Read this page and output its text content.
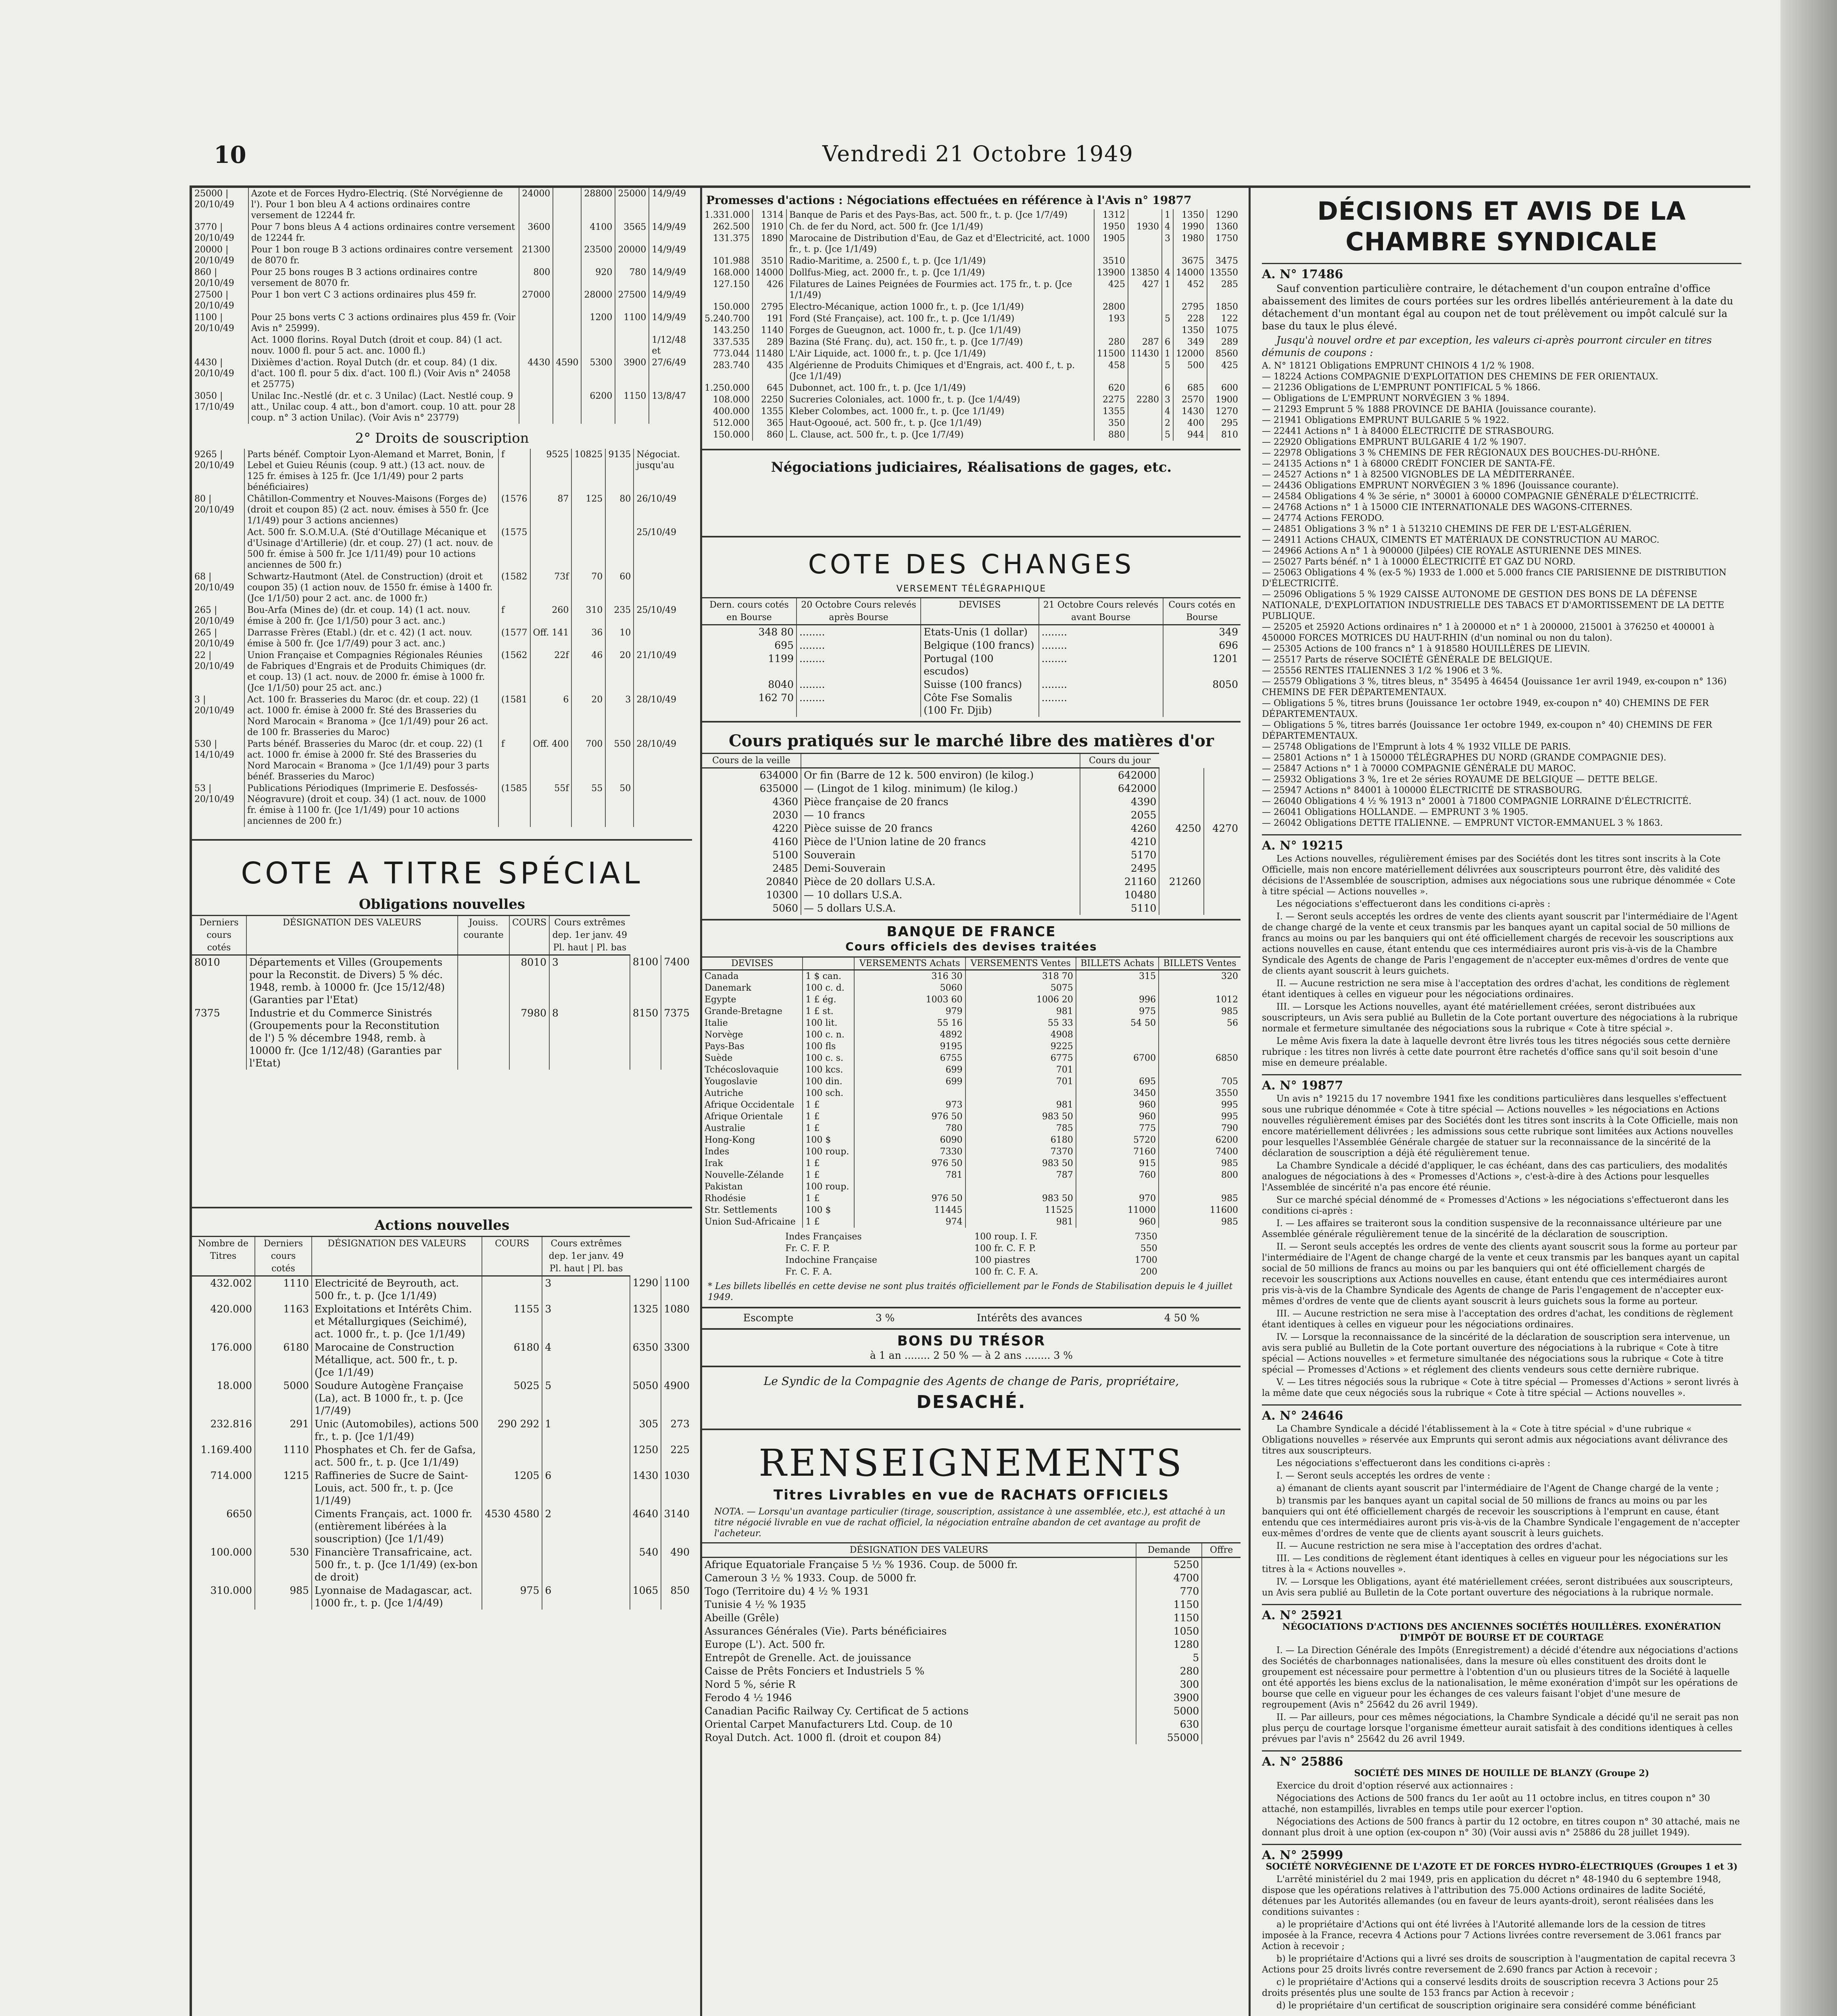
10	Vendredi 21 Octobre 1949
25000 | 20/10/49	Azote et de Forces Hydro-Electriq. (Sté Norvégienne de l'). Pour 1 bon bleu A 4 actions ordinaires contre versement de 12244 fr.	24000		28800	25000	14/9/49
3770 | 20/10/49	Pour 7 bons bleus A 4 actions ordinaires contre versement de 12244 fr.	3600		4100	3565	14/9/49
20000 | 20/10/49	Pour 1 bon rouge B 3 actions ordinaires contre versement de 8070 fr.	21300		23500	20000	14/9/49
860 | 20/10/49	Pour 25 bons rouges B 3 actions ordinaires contre versement de 8070 fr.	800		920	780	14/9/49
27500 | 20/10/49	Pour 1 bon vert C 3 actions ordinaires plus 459 fr.	27000		28000	27500	14/9/49
1100 | 20/10/49	Pour 25 bons verts C 3 actions ordinaires plus 459 fr. (Voir Avis n° 25999).			1200	1100	14/9/49
	Act. 1000 florins. Royal Dutch (droit et coup. 84) (1 act. nouv. 1000 fl. pour 5 act. anc. 1000 fl.)					1/12/48 et
4430 | 20/10/49	Dixièmes d'action. Royal Dutch (dr. et coup. 84) (1 dix. d'act. 100 fl. pour 5 dix. d'act. 100 fl.) (Voir Avis n° 24058 et 25775)	4430	4590	5300	3900	27/6/49
3050 | 17/10/49	Unilac Inc.-Nestlé (dr. et c. 3 Unilac) (Lact. Nestlé coup. 9 att., Unilac coup. 4 att., bon d'amort. coup. 10 att. pour 28 coup. n° 3 action Unilac). (Voir Avis n° 23779)			6200	1150	13/8/47
2° Droits de souscription
9265 | 20/10/49	Parts bénéf. Comptoir Lyon-Alemand et Marret, Bonin, Lebel et Guieu Réunis (coup. 9 att.) (13 act. nouv. de 125 fr. émises à 125 fr. (Jce 1/1/49) pour 2 parts bénéficiaires)	f	9525	10825	9135	Négociat. jusqu'au
80 | 20/10/49	Châtillon-Commentry et Nouves-Maisons (Forges de) (droit et coupon 85) (2 act. nouv. émises à 550 fr. (Jce 1/1/49) pour 3 actions anciennes)	(1576	87	125	80	26/10/49
	Act. 500 fr. S.O.M.U.A. (Sté d'Outillage Mécanique et d'Usinage d'Artillerie) (dr. et coup. 27) (1 act. nouv. de 500 fr. émise à 500 fr. Jce 1/11/49) pour 10 actions anciennes de 500 fr.)	(1575				25/10/49
68 | 20/10/49	Schwartz-Hautmont (Atel. de Construction) (droit et coupon 35) (1 action nouv. de 1550 fr. émise à 1400 fr. (Jce 1/1/50) pour 2 act. anc. de 1000 fr.)	(1582	73f	70	60	
265 | 20/10/49	Bou-Arfa (Mines de) (dr. et coup. 14) (1 act. nouv. émise à 200 fr. (Jce 1/1/50) pour 3 act. anc.)	f	260	310	235	25/10/49
265 | 20/10/49	Darrasse Frères (Etabl.) (dr. et c. 42) (1 act. nouv. émise à 500 fr. (Jce 1/7/49) pour 3 act. anc.)	(1577	Off. 141	36	10	
22 | 20/10/49	Union Française et Compagnies Régionales Réunies de Fabriques d'Engrais et de Produits Chimiques (dr. et coup. 13) (1 act. nouv. de 2000 fr. émise à 1000 fr. (Jce 1/1/50) pour 25 act. anc.)	(1562	22f	46	20	21/10/49
3 | 20/10/49	Act. 100 fr. Brasseries du Maroc (dr. et coup. 22) (1 act. 1000 fr. émise à 2000 fr. Sté des Brasseries du Nord Marocain « Branoma » (Jce 1/1/49) pour 26 act. de 100 fr. Brasseries du Maroc)	(1581	6	20	3	28/10/49
530 | 14/10/49	Parts bénéf. Brasseries du Maroc (dr. et coup. 22) (1 act. 1000 fr. émise à 2000 fr. Sté des Brasseries du Nord Marocain « Branoma » (Jce 1/1/49) pour 3 parts bénéf. Brasseries du Maroc)	f	Off. 400	700	550	28/10/49
53 | 20/10/49	Publications Périodiques (Imprimerie E. Desfossés-Néogravure) (droit et coup. 34) (1 act. nouv. de 1000 fr. émise à 1100 fr. (Jce 1/1/49) pour 10 actions anciennes de 200 fr.)	(1585	55f	55	50	
COTE A TITRE SPÉCIAL
Obligations nouvelles
Derniers cours cotés	DÉSIGNATION DES VALEURS	Jouiss. courante	COURS	Cours extrêmes dep. 1er janv. 49 Pl. haut | Pl. bas		
8010	Départements et Villes (Groupements pour la Reconstit. de Divers) 5 % déc. 1948, remb. à 10000 fr. (Jce 15/12/48) (Garanties par l'Etat)		8010	3	8100	7400
7375	Industrie et du Commerce Sinistrés (Groupements pour la Reconstitution de l') 5 % décembre 1948, remb. à 10000 fr. (Jce 1/12/48) (Garanties par l'Etat)		7980	8	8150	7375
Actions nouvelles
Nombre de Titres	Derniers cours cotés	DÉSIGNATION DES VALEURS	COURS	Cours extrêmes dep. 1er janv. 49 Pl. haut | Pl. bas		
432.002	1110	Electricité de Beyrouth, act. 500 fr., t. p. (Jce 1/1/49)		3	1290	1100
420.000	1163	Exploitations et Intérêts Chim. et Métallurgiques (Seichimé), act. 1000 fr., t. p. (Jce 1/1/49)	1155	3	1325	1080
176.000	6180	Marocaine de Construction Métallique, act. 500 fr., t. p. (Jce 1/1/49)	6180	4	6350	3300
18.000	5000	Soudure Autogène Française (La), act. B 1000 fr., t. p. (Jce 1/7/49)	5025	5	5050	4900
232.816	291	Unic (Automobiles), actions 500 fr., t. p. (Jce 1/1/49)	290 292	1	305	273
1.169.400	1110	Phosphates et Ch. fer de Gafsa, act. 500 fr., t. p. (Jce 1/1/49)			1250	225
714.000	1215	Raffineries de Sucre de Saint-Louis, act. 500 fr., t. p. (Jce 1/1/49)	1205	6	1430	1030
6650		Ciments Français, act. 1000 fr. (entièrement libérées à la souscription) (Jce 1/1/49)	4530 4580	2	4640	3140
100.000	530	Financière Transafricaine, act. 500 fr., t. p. (Jce 1/1/49) (ex-bon de droit)			540	490
310.000	985	Lyonnaise de Madagascar, act. 1000 fr., t. p. (Jce 1/4/49)	975	6	1065	850
Promesses d'actions : Négociations effectuées en référence à l'Avis n° 19877
1.331.000	1314	Banque de Paris et des Pays-Bas, act. 500 fr., t. p. (Jce 1/7/49)	1312		1	1350	1290
262.500	1910	Ch. de fer du Nord, act. 500 fr. (Jce 1/1/49)	1950	1930	4	1990	1360
131.375	1890	Marocaine de Distribution d'Eau, de Gaz et d'Electricité, act. 1000 fr., t. p. (Jce 1/1/49)	1905		3	1980	1750
101.988	3510	Radio-Maritime, a. 2500 f., t. p. (Jce 1/1/49)	3510			3675	3475
168.000	14000	Dollfus-Mieg, act. 2000 fr., t. p. (Jce 1/1/49)	13900	13850	4	14000	13550
127.150	426	Filatures de Laines Peignées de Fourmies act. 175 fr., t. p. (Jce 1/1/49)	425	427	1	452	285
150.000	2795	Electro-Mécanique, action 1000 fr., t. p. (Jce 1/1/49)	2800			2795	1850
5.240.700	191	Ford (Sté Française), act. 100 fr., t. p. (Jce 1/1/49)	193		5	228	122
143.250	1140	Forges de Gueugnon, act. 1000 fr., t. p. (Jce 1/1/49)				1350	1075
337.535	289	Bazina (Sté Franç. du), act. 150 fr., t. p. (Jce 1/7/49)	280	287	6	349	289
773.044	11480	L'Air Liquide, act. 1000 fr., t. p. (Jce 1/1/49)	11500	11430	1	12000	8560
283.740	435	Algérienne de Produits Chimiques et d'Engrais, act. 400 f., t. p. (Jce 1/1/49)	458		5	500	425
1.250.000	645	Dubonnet, act. 100 fr., t. p. (Jce 1/1/49)	620		6	685	600
108.000	2250	Sucreries Coloniales, act. 1000 fr., t. p. (Jce 1/4/49)	2275	2280	3	2570	1900
400.000	1355	Kleber Colombes, act. 1000 fr., t. p. (Jce 1/1/49)	1355		4	1430	1270
512.000	365	Haut-Ogooué, act. 500 fr., t. p. (Jce 1/1/49)	350		2	400	295
150.000	860	L. Clause, act. 500 fr., t. p. (Jce 1/7/49)	880		5	944	810
Négociations judiciaires, Réalisations de gages, etc.
COTE DES CHANGES
VERSEMENT TÉLÉGRAPHIQUE
Dern. cours cotés en Bourse	20 Octobre Cours relevés après Bourse	DEVISES	21 Octobre Cours relevés avant Bourse	Cours cotés en Bourse
348 80	........	Etats-Unis (1 dollar)	........	349
695	........	Belgique (100 francs)	........	696
1199	........	Portugal (100 escudos)	........	1201
8040	........	Suisse (100 francs)	........	8050
162 70	........	Côte Fse Somalis (100 Fr. Djib)	........	
Cours pratiqués sur le marché libre des matières d'or
Cours de la veille		Cours du jour		
634000	Or fin (Barre de 12 k. 500 environ) (le kilog.)	642000		
635000	— (Lingot de 1 kilog. minimum) (le kilog.)	642000		
4360	Pièce française de 20 francs	4390		
2030	— 10 francs	2055		
4220	Pièce suisse de 20 francs	4260	4250	4270
4160	Pièce de l'Union latine de 20 francs	4210		
5100	Souverain	5170		
2485	Demi-Souverain	2495		
20840	Pièce de 20 dollars U.S.A.	21160	21260	
10300	— 10 dollars U.S.A.	10480		
5060	— 5 dollars U.S.A.	5110		
BANQUE DE FRANCE
Cours officiels des devises traitées
DEVISES		VERSEMENTS Achats	VERSEMENTS Ventes	BILLETS Achats	BILLETS Ventes
Canada	1 $ can.	316 30	318 70	315	320
Danemark	100 c. d.	5060	5075		
Egypte	1 £ ég.	1003 60	1006 20	996	1012
Grande-Bretagne	1 £ st.	979	981	975	985
Italie	100 lit.	55 16	55 33	54 50	56
Norvège	100 c. n.	4892	4908		
Pays-Bas	100 fls	9195	9225		
Suède	100 c. s.	6755	6775	6700	6850
Tchécoslovaquie	100 kcs.	699	701		
Yougoslavie	100 din.	699	701	695	705
Autriche	100 sch.			3450	3550
Afrique Occidentale	1 £	973	981	960	995
Afrique Orientale	1 £	976 50	983 50	960	995
Australie	1 £	780	785	775	790
Hong-Kong	100 $	6090	6180	5720	6200
Indes	100 roup.	7330	7370	7160	7400
Irak	1 £	976 50	983 50	915	985
Nouvelle-Zélande	1 £	781	787	760	800
Pakistan	100 roup.				
Rhodésie	1 £	976 50	983 50	970	985
Str. Settlements	100 $	11445	11525	11000	11600
Union Sud-Africaine	1 £	974	981	960	985
Indes Françaises	100 roup. I. F.	7350
Fr. C. F. P.	100 fr. C. F. P.	550
Indochine Française	100 piastres	1700
Fr. C. F. A.	100 fr. C. F. A.	200
* Les billets libellés en cette devise ne sont plus traités officiellement par le Fonds de Stabilisation depuis le 4 juillet 1949.
Escompte	3 %	Intérêts des avances	4 50 %
BONS DU TRÉSOR
à 1 an ........ 2 50 % — à 2 ans ........ 3 %
Le Syndic de la Compagnie des Agents de change de Paris, propriétaire,
DESACHÉ.
RENSEIGNEMENTS
Titres Livrables en vue de RACHATS OFFICIELS
NOTA. — Lorsqu'un avantage particulier (tirage, souscription, assistance à une assemblée, etc.), est attaché à un titre négocié livrable en vue de rachat officiel, la négociation entraîne abandon de cet avantage au profit de l'acheteur.
DÉSIGNATION DES VALEURS	Demande	Offre
Afrique Equatoriale Française 5 ½ % 1936. Coup. de 5000 fr.	5250	
Cameroun 3 ½ % 1933. Coup. de 5000 fr.	4700	
Togo (Territoire du) 4 ½ % 1931	770	
Tunisie 4 ½ % 1935	1150	
Abeille (Grêle)	1150	
Assurances Générales (Vie). Parts bénéficiaires	1050	
Europe (L'). Act. 500 fr.	1280	
Entrepôt de Grenelle. Act. de jouissance	5	
Caisse de Prêts Fonciers et Industriels 5 %	280	
Nord 5 %, série R	300	
Ferodo 4 ½ 1946	3900	
Canadian Pacific Railway Cy. Certificat de 5 actions	5000	
Oriental Carpet Manufacturers Ltd. Coup. de 10	630	
Royal Dutch. Act. 1000 fl. (droit et coupon 84)	55000	
DÉCISIONS ET AVIS DE LA CHAMBRE SYNDICALE
A. N° 17486

Sauf convention particulière contraire, le détachement d'un coupon entraîne d'office abaissement des limites de cours portées sur les ordres libellés antérieurement à la date du détachement d'un montant égal au coupon net de tout prélèvement ou impôt calculé sur la base du taux le plus élevé.

Jusqu'à nouvel ordre et par exception, les valeurs ci-après pourront circuler en titres démunis de coupons :

A. N° 18121 Obligations EMPRUNT CHINOIS 4 1/2 % 1908.
— 18224 Actions COMPAGNIE D'EXPLOITATION DES CHEMINS DE FER ORIENTAUX.
— 21236 Obligations de L'EMPRUNT PONTIFICAL 5 % 1866.
— Obligations de L'EMPRUNT NORVÉGIEN 3 % 1894.
— 21293 Emprunt 5 % 1888 PROVINCE DE BAHIA (Jouissance courante).
— 21941 Obligations EMPRUNT BULGARIE 5 % 1922.
— 22441 Actions n° 1 à 84000 ÉLECTRICITÉ DE STRASBOURG.
— 22920 Obligations EMPRUNT BULGARIE 4 1/2 % 1907.
— 22978 Obligations 3 % CHEMINS DE FER RÉGIONAUX DES BOUCHES-DU-RHÔNE.
— 24135 Actions n° 1 à 68000 CRÉDIT FONCIER DE SANTA-FÉ.
— 24527 Actions n° 1 à 82500 VIGNOBLES DE LA MÉDITERRANÉE.
— 24436 Obligations EMPRUNT NORVÉGIEN 3 % 1896 (Jouissance courante).
— 24584 Obligations 4 % 3e série, n° 30001 à 60000 COMPAGNIE GÉNÉRALE D'ÉLECTRICITÉ.
— 24768 Actions n° 1 à 15000 CIE INTERNATIONALE DES WAGONS-CITERNES.
— 24774 Actions FERODO.
— 24851 Obligations 3 % n° 1 à 513210 CHEMINS DE FER DE L'EST-ALGÉRIEN.
— 24911 Actions CHAUX, CIMENTS ET MATÉRIAUX DE CONSTRUCTION AU MAROC.
— 24966 Actions A n° 1 à 900000 (Jilpées) CIE ROYALE ASTURIENNE DES MINES.
— 25027 Parts bénéf. n° 1 à 10000 ÉLECTRICITÉ ET GAZ DU NORD.
— 25063 Obligations 4 % (ex-5 %) 1933 de 1.000 et 5.000 francs CIE PARISIENNE DE DISTRIBUTION D'ÉLECTRICITÉ.
— 25096 Obligations 5 % 1929 CAISSE AUTONOME DE GESTION DES BONS DE LA DÉFENSE NATIONALE, D'EXPLOITATION INDUSTRIELLE DES TABACS ET D'AMORTISSEMENT DE LA DETTE PUBLIQUE.
— 25205 et 25920 Actions ordinaires n° 1 à 200000 et n° 1 à 200000, 215001 à 376250 et 400001 à 450000 FORCES MOTRICES DU HAUT-RHIN (d'un nominal ou non du talon).
— 25305 Actions de 100 francs n° 1 à 918580 HOUILLÈRES DE LIEVIN.
— 25517 Parts de réserve SOCIÉTÉ GÉNÉRALE DE BELGIQUE.
— 25556 RENTES ITALIENNES 3 1/2 % 1906 et 3 %.
— 25579 Obligations 3 %, titres bleus, n° 35495 à 46454 (Jouissance 1er avril 1949, ex-coupon n° 136) CHEMINS DE FER DÉPARTEMENTAUX.
— Obligations 5 %, titres bruns (Jouissance 1er octobre 1949, ex-coupon n° 40) CHEMINS DE FER DÉPARTEMENTAUX.
— Obligations 5 %, titres barrés (Jouissance 1er octobre 1949, ex-coupon n° 40) CHEMINS DE FER DÉPARTEMENTAUX.
— 25748 Obligations de l'Emprunt à lots 4 % 1932 VILLE DE PARIS.
— 25801 Actions n° 1 à 150000 TÉLÉGRAPHES DU NORD (GRANDE COMPAGNIE DES).
— 25847 Actions n° 1 à 70000 COMPAGNIE GÉNÉRALE DU MAROC.
— 25932 Obligations 3 %, 1re et 2e séries ROYAUME DE BELGIQUE — DETTE BELGE.
— 25947 Actions n° 84001 à 100000 ÉLECTRICITÉ DE STRASBOURG.
— 26040 Obligations 4 ½ % 1913 n° 20001 à 71800 COMPAGNIE LORRAINE D'ÉLECTRICITÉ.
— 26041 Obligations HOLLANDE. — EMPRUNT 3 % 1905.
— 26042 Obligations DETTE ITALIENNE. — EMPRUNT VICTOR-EMMANUEL 3 % 1863.
A. N° 19215

Les Actions nouvelles, régulièrement émises par des Sociétés dont les titres sont inscrits à la Cote Officielle, mais non encore matériellement délivrées aux souscripteurs pourront être, dès validité des décisions de l'Assemblée de souscription, admises aux négociations sous une rubrique dénommée « Cote à titre spécial — Actions nouvelles ».

Les négociations s'effectueront dans les conditions ci-après :

I. — Seront seuls acceptés les ordres de vente des clients ayant souscrit par l'intermédiaire de l'Agent de change chargé de la vente et ceux transmis par les banques ayant un capital social de 50 millions de francs au moins ou par les banquiers qui ont été officiellement chargés de recevoir les souscriptions aux actions nouvelles en cause, étant entendu que ces intermédiaires auront pris vis-à-vis de la Chambre Syndicale des Agents de change de Paris l'engagement de n'accepter eux-mêmes d'ordres de vente que de clients ayant souscrit à leurs guichets.

II. — Aucune restriction ne sera mise à l'acceptation des ordres d'achat, les conditions de règlement étant identiques à celles en vigueur pour les négociations ordinaires.

III. — Lorsque les Actions nouvelles, ayant été matériellement créées, seront distribuées aux souscripteurs, un Avis sera publié au Bulletin de la Cote portant ouverture des négociations à la rubrique normale et fermeture simultanée des négociations sous la rubrique « Cote à titre spécial ».

Le même Avis fixera la date à laquelle devront être livrés tous les titres négociés sous cette dernière rubrique : les titres non livrés à cette date pourront être rachetés d'office sans qu'il soit besoin d'une mise en demeure préalable.

A. N° 19877

Un avis n° 19215 du 17 novembre 1941 fixe les conditions particulières dans lesquelles s'effectuent sous une rubrique dénommée « Cote à titre spécial — Actions nouvelles » les négociations en Actions nouvelles régulièrement émises par des Sociétés dont les titres sont inscrits à la Cote Officielle, mais non encore matériellement délivrées ; les admissions sous cette rubrique sont limitées aux Actions nouvelles pour lesquelles l'Assemblée Générale chargée de statuer sur la reconnaissance de la sincérité de la déclaration de souscription a déjà été régulièrement tenue.

La Chambre Syndicale a décidé d'appliquer, le cas échéant, dans des cas particuliers, des modalités analogues de négociations à des « Promesses d'Actions », c'est-à-dire à des Actions pour lesquelles l'Assemblée de sincérité n'a pas encore été réunie.

Sur ce marché spécial dénommé de « Promesses d'Actions » les négociations s'effectueront dans les conditions ci-après :

I. — Les affaires se traiteront sous la condition suspensive de la reconnaissance ultérieure par une Assemblée générale régulièrement tenue de la sincérité de la déclaration de souscription.

II. — Seront seuls acceptés les ordres de vente des clients ayant souscrit sous la forme au porteur par l'intermédiaire de l'Agent de change chargé de la vente et ceux transmis par les banques ayant un capital social de 50 millions de francs au moins ou par les banquiers qui ont été officiellement chargés de recevoir les souscriptions aux Actions nouvelles en cause, étant entendu que ces intermédiaires auront pris vis-à-vis de la Chambre Syndicale des Agents de change de Paris l'engagement de n'accepter eux-mêmes d'ordres de vente que de clients ayant souscrit à leurs guichets sous la forme au porteur.

III. — Aucune restriction ne sera mise à l'acceptation des ordres d'achat, les conditions de règlement étant identiques à celles en vigueur pour les négociations ordinaires.

IV. — Lorsque la reconnaissance de la sincérité de la déclaration de souscription sera intervenue, un avis sera publié au Bulletin de la Cote portant ouverture des négociations à la rubrique « Cote à titre spécial — Actions nouvelles » et fermeture simultanée des négociations sous la rubrique « Cote à titre spécial — Promesses d'Actions » et réglement des clients vendeurs sous cette dernière rubrique.

V. — Les titres négociés sous la rubrique « Cote à titre spécial — Promesses d'Actions » seront livrés à la même date que ceux négociés sous la rubrique « Cote à titre spécial — Actions nouvelles ».

A. N° 24646

La Chambre Syndicale a décidé l'établissement à la « Cote à titre spécial » d'une rubrique « Obligations nouvelles » réservée aux Emprunts qui seront admis aux négociations avant délivrance des titres aux souscripteurs.

Les négociations s'effectueront dans les conditions ci-après :

I. — Seront seuls acceptés les ordres de vente :

a) émanant de clients ayant souscrit par l'intermédiaire de l'Agent de Change chargé de la vente ;

b) transmis par les banques ayant un capital social de 50 millions de francs au moins ou par les banquiers qui ont été officiellement chargés de recevoir les souscriptions à l'emprunt en cause, étant entendu que ces intermédiaires auront pris vis-à-vis de la Chambre Syndicale l'engagement de n'accepter eux-mêmes d'ordres de vente que de clients ayant souscrit à leurs guichets.

II. — Aucune restriction ne sera mise à l'acceptation des ordres d'achat.

III. — Les conditions de règlement étant identiques à celles en vigueur pour les négociations sur les titres à la « Actions nouvelles ».

IV. — Lorsque les Obligations, ayant été matériellement créées, seront distribuées aux souscripteurs, un Avis sera publié au Bulletin de la Cote portant ouverture des négociations à la rubrique normale.

A. N° 25921
NÉGOCIATIONS D'ACTIONS DES ANCIENNES SOCIÉTÉS HOUILLÈRES. EXONÉRATION D'IMPÔT DE BOURSE ET DE COURTAGE

I. — La Direction Générale des Impôts (Enregistrement) a décidé d'étendre aux négociations d'actions des Sociétés de charbonnages nationalisées, dans la mesure où elles constituent des droits dont le groupement est nécessaire pour permettre à l'obtention d'un ou plusieurs titres de la Société à laquelle ont été apportés les biens exclus de la nationalisation, le même exonération d'impôt sur les opérations de bourse que celle en vigueur pour les échanges de ces valeurs faisant l'objet d'une mesure de regroupement (Avis n° 25642 du 26 avril 1949).

II. — Par ailleurs, pour ces mêmes négociations, la Chambre Syndicale a décidé qu'il ne serait pas non plus perçu de courtage lorsque l'organisme émetteur aurait satisfait à des conditions identiques à celles prévues par l'avis n° 25642 du 26 avril 1949.

A. N° 25886
SOCIÉTÉ DES MINES DE HOUILLE DE BLANZY (Groupe 2)

Exercice du droit d'option réservé aux actionnaires :

Négociations des Actions de 500 francs du 1er août au 11 octobre inclus, en titres coupon n° 30 attaché, non estampillés, livrables en temps utile pour exercer l'option.

Négociations des Actions de 500 francs à partir du 12 octobre, en titres coupon n° 30 attaché, mais ne donnant plus droit à une option (ex-coupon n° 30) (Voir aussi avis n° 25886 du 28 juillet 1949).

A. N° 25999
SOCIÉTÉ NORVÉGIENNE DE L'AZOTE ET DE FORCES HYDRO-ÉLECTRIQUES (Groupes 1 et 3)

L'arrêté ministériel du 2 mai 1949, pris en application du décret n° 48-1940 du 6 septembre 1948, dispose que les opérations relatives à l'attribution des 75.000 Actions ordinaires de ladite Société, détenues par les Autorités allemandes (ou en faveur de leurs ayants-droit), seront réalisées dans les conditions suivantes :

a) le propriétaire d'Actions qui ont été livrées à l'Autorité allemande lors de la cession de titres imposée à la France, recevra 4 Actions pour 7 Actions livrées contre reversement de 3.061 francs par Action à recevoir ;

b) le propriétaire d'Actions qui a livré ses droits de souscription à l'augmentation de capital recevra 3 Actions pour 25 droits livrés contre reversement de 2.690 francs par Action à recevoir ;

c) le propriétaire d'Actions qui a conservé lesdits droits de souscription recevra 3 Actions pour 25 droits présentés plus une soulte de 153 francs par Action à recevoir ;

d) le propriétaire d'un certificat de souscription originaire sera considéré comme bénéficiant
